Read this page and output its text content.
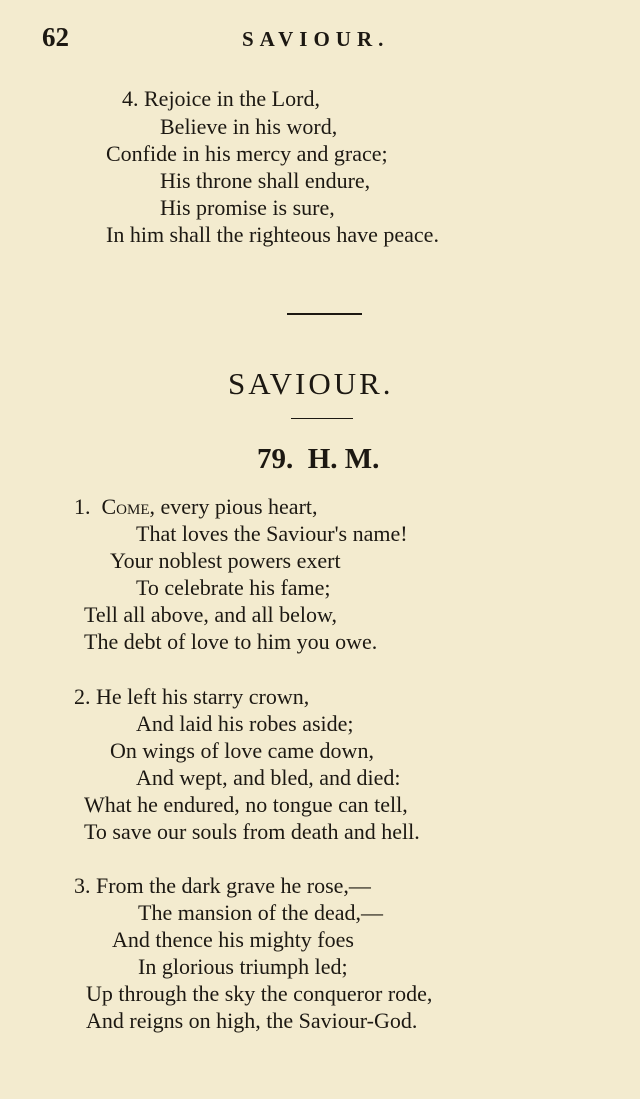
62	SAVIOUR.
4. Rejoice in the Lord,
Believe in his word,
Confide in his mercy and grace;
His throne shall endure,
His promise is sure,
In him shall the righteous have peace.
SAVIOUR.
79. H. M.
1. Come, every pious heart,
That loves the Saviour's name!
Your noblest powers exert
To celebrate his fame;
Tell all above, and all below,
The debt of love to him you owe.
2. He left his starry crown,
And laid his robes aside;
On wings of love came down,
And wept, and bled, and died:
What he endured, no tongue can tell,
To save our souls from death and hell.
3. From the dark grave he rose,—
The mansion of the dead,—
And thence his mighty foes
In glorious triumph led;
Up through the sky the conqueror rode,
And reigns on high, the Saviour-God.
